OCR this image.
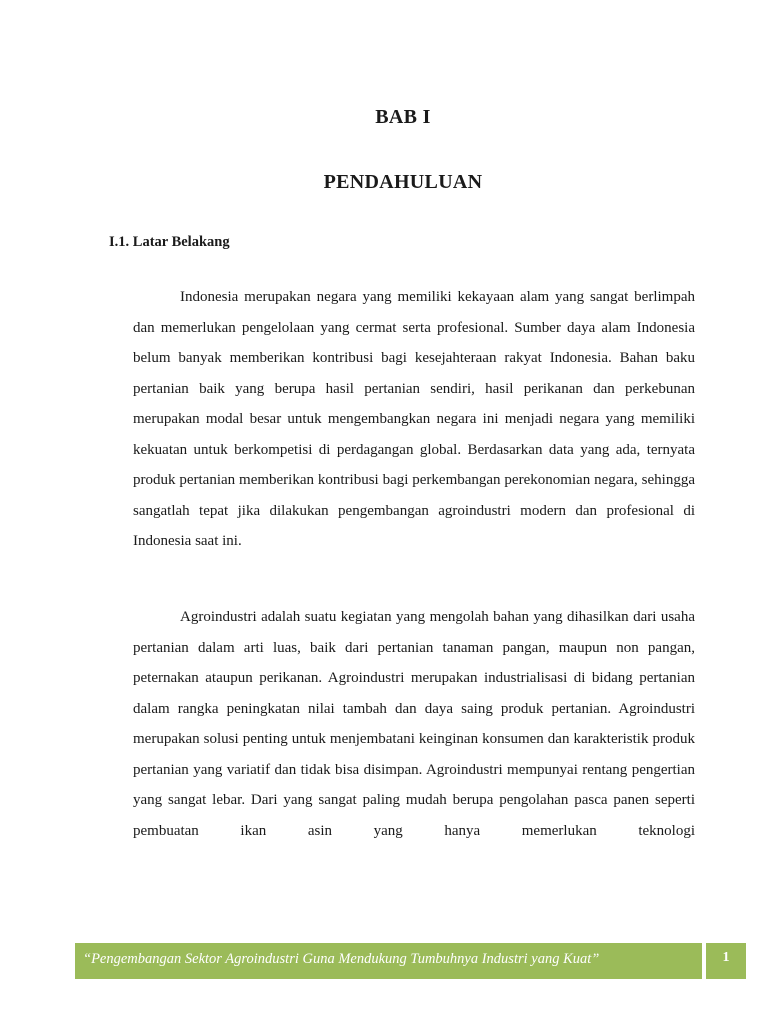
BAB I
PENDAHULUAN
I.1. Latar Belakang

Indonesia merupakan negara yang memiliki kekayaan alam yang sangat berlimpah dan memerlukan pengelolaan yang cermat serta profesional. Sumber daya alam Indonesia belum banyak memberikan kontribusi bagi kesejahteraan rakyat Indonesia. Bahan baku pertanian baik yang berupa hasil pertanian sendiri, hasil perikanan dan perkebunan merupakan modal besar untuk mengembangkan negara ini menjadi negara yang memiliki kekuatan untuk berkompetisi di perdagangan global. Berdasarkan data yang ada, ternyata produk pertanian memberikan kontribusi bagi perkembangan perekonomian negara, sehingga sangatlah tepat jika dilakukan pengembangan agroindustri modern dan profesional di Indonesia saat ini.

Agroindustri adalah suatu kegiatan yang mengolah bahan yang dihasilkan dari usaha pertanian dalam arti luas, baik dari pertanian tanaman pangan, maupun non pangan, peternakan ataupun perikanan. Agroindustri merupakan industrialisasi di bidang pertanian dalam rangka peningkatan nilai tambah dan daya saing produk pertanian. Agroindustri merupakan solusi penting untuk menjembatani keinginan konsumen dan karakteristik produk pertanian yang variatif dan tidak bisa disimpan. Agroindustri mempunyai rentang pengertian yang sangat lebar. Dari yang sangat paling mudah berupa pengolahan pasca panen seperti pembuatan ikan asin yang hanya memerlukan teknologi

“Pengembangan Sektor Agroindustri Guna Mendukung Tumbuhnya Industri yang Kuat”	1
